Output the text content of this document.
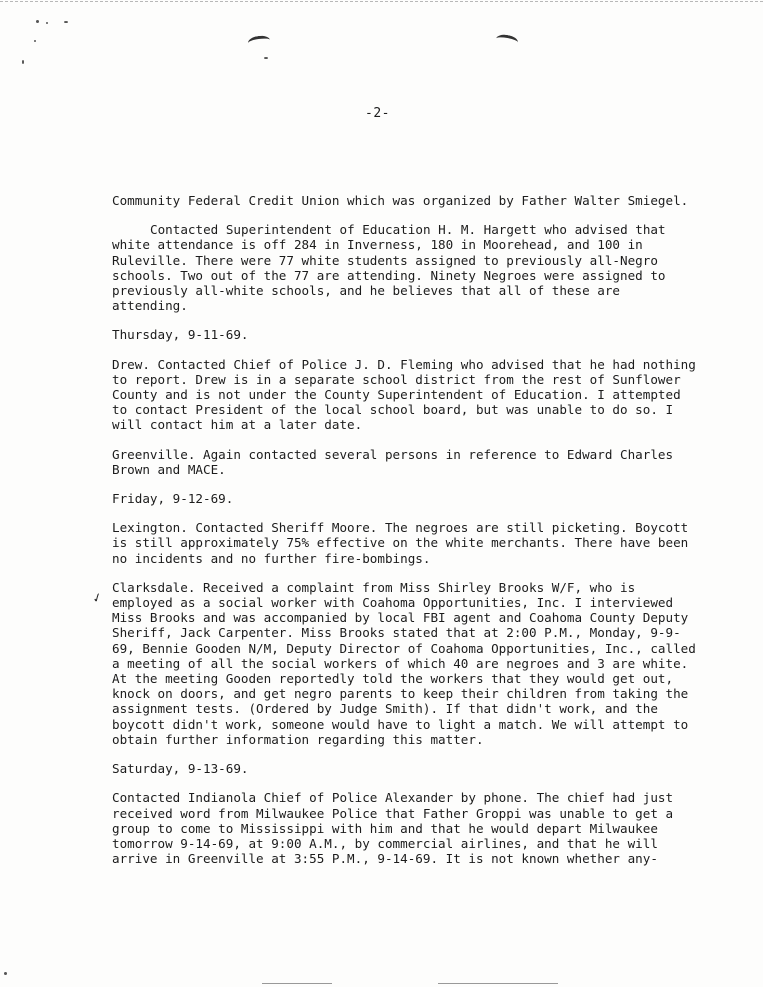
-2-
✓

Community Federal Credit Union which was organized by Father Walter Smiegel.

Contacted Superintendent of Education H. M. Hargett who advised that white attendance is off 284 in Inverness, 180 in Moorehead, and 100 in Ruleville. There were 77 white students assigned to previously all-Negro schools. Two out of the 77 are attending. Ninety Negroes were assigned to previously all-white schools, and he believes that all of these are attending.

Thursday, 9-11-69.

Drew. Contacted Chief of Police J. D. Fleming who advised that he had nothing to report. Drew is in a separate school district from the rest of Sunflower County and is not under the County Superintendent of Education. I attempted to contact President of the local school board, but was unable to do so. I will contact him at a later date.

Greenville. Again contacted several persons in reference to Edward Charles Brown and MACE.

Friday, 9-12-69.

Lexington. Contacted Sheriff Moore. The negroes are still picketing. Boycott is still approximately 75% effective on the white merchants. There have been no incidents and no further fire-bombings.

Clarksdale. Received a complaint from Miss Shirley Brooks W/F, who is employed as a social worker with Coahoma Opportunities, Inc. I interviewed Miss Brooks and was accompanied by local FBI agent and Coahoma County Deputy Sheriff, Jack Carpenter. Miss Brooks stated that at 2:00 P.M., Monday, 9-9-69, Bennie Gooden N/M, Deputy Director of Coahoma Opportunities, Inc., called a meeting of all the social workers of which 40 are negroes and 3 are white. At the meeting Gooden reportedly told the workers that they would get out, knock on doors, and get negro parents to keep their children from taking the assignment tests. (Ordered by Judge Smith). If that didn't work, and the boycott didn't work, someone would have to light a match. We will attempt to obtain further information regarding this matter.

Saturday, 9-13-69.

Contacted Indianola Chief of Police Alexander by phone. The chief had just received word from Milwaukee Police that Father Groppi was unable to get a group to come to Mississippi with him and that he would depart Milwaukee tomorrow 9-14-69, at 9:00 A.M., by commercial airlines, and that he will arrive in Greenville at 3:55 P.M., 9-14-69. It is not known whether any-
